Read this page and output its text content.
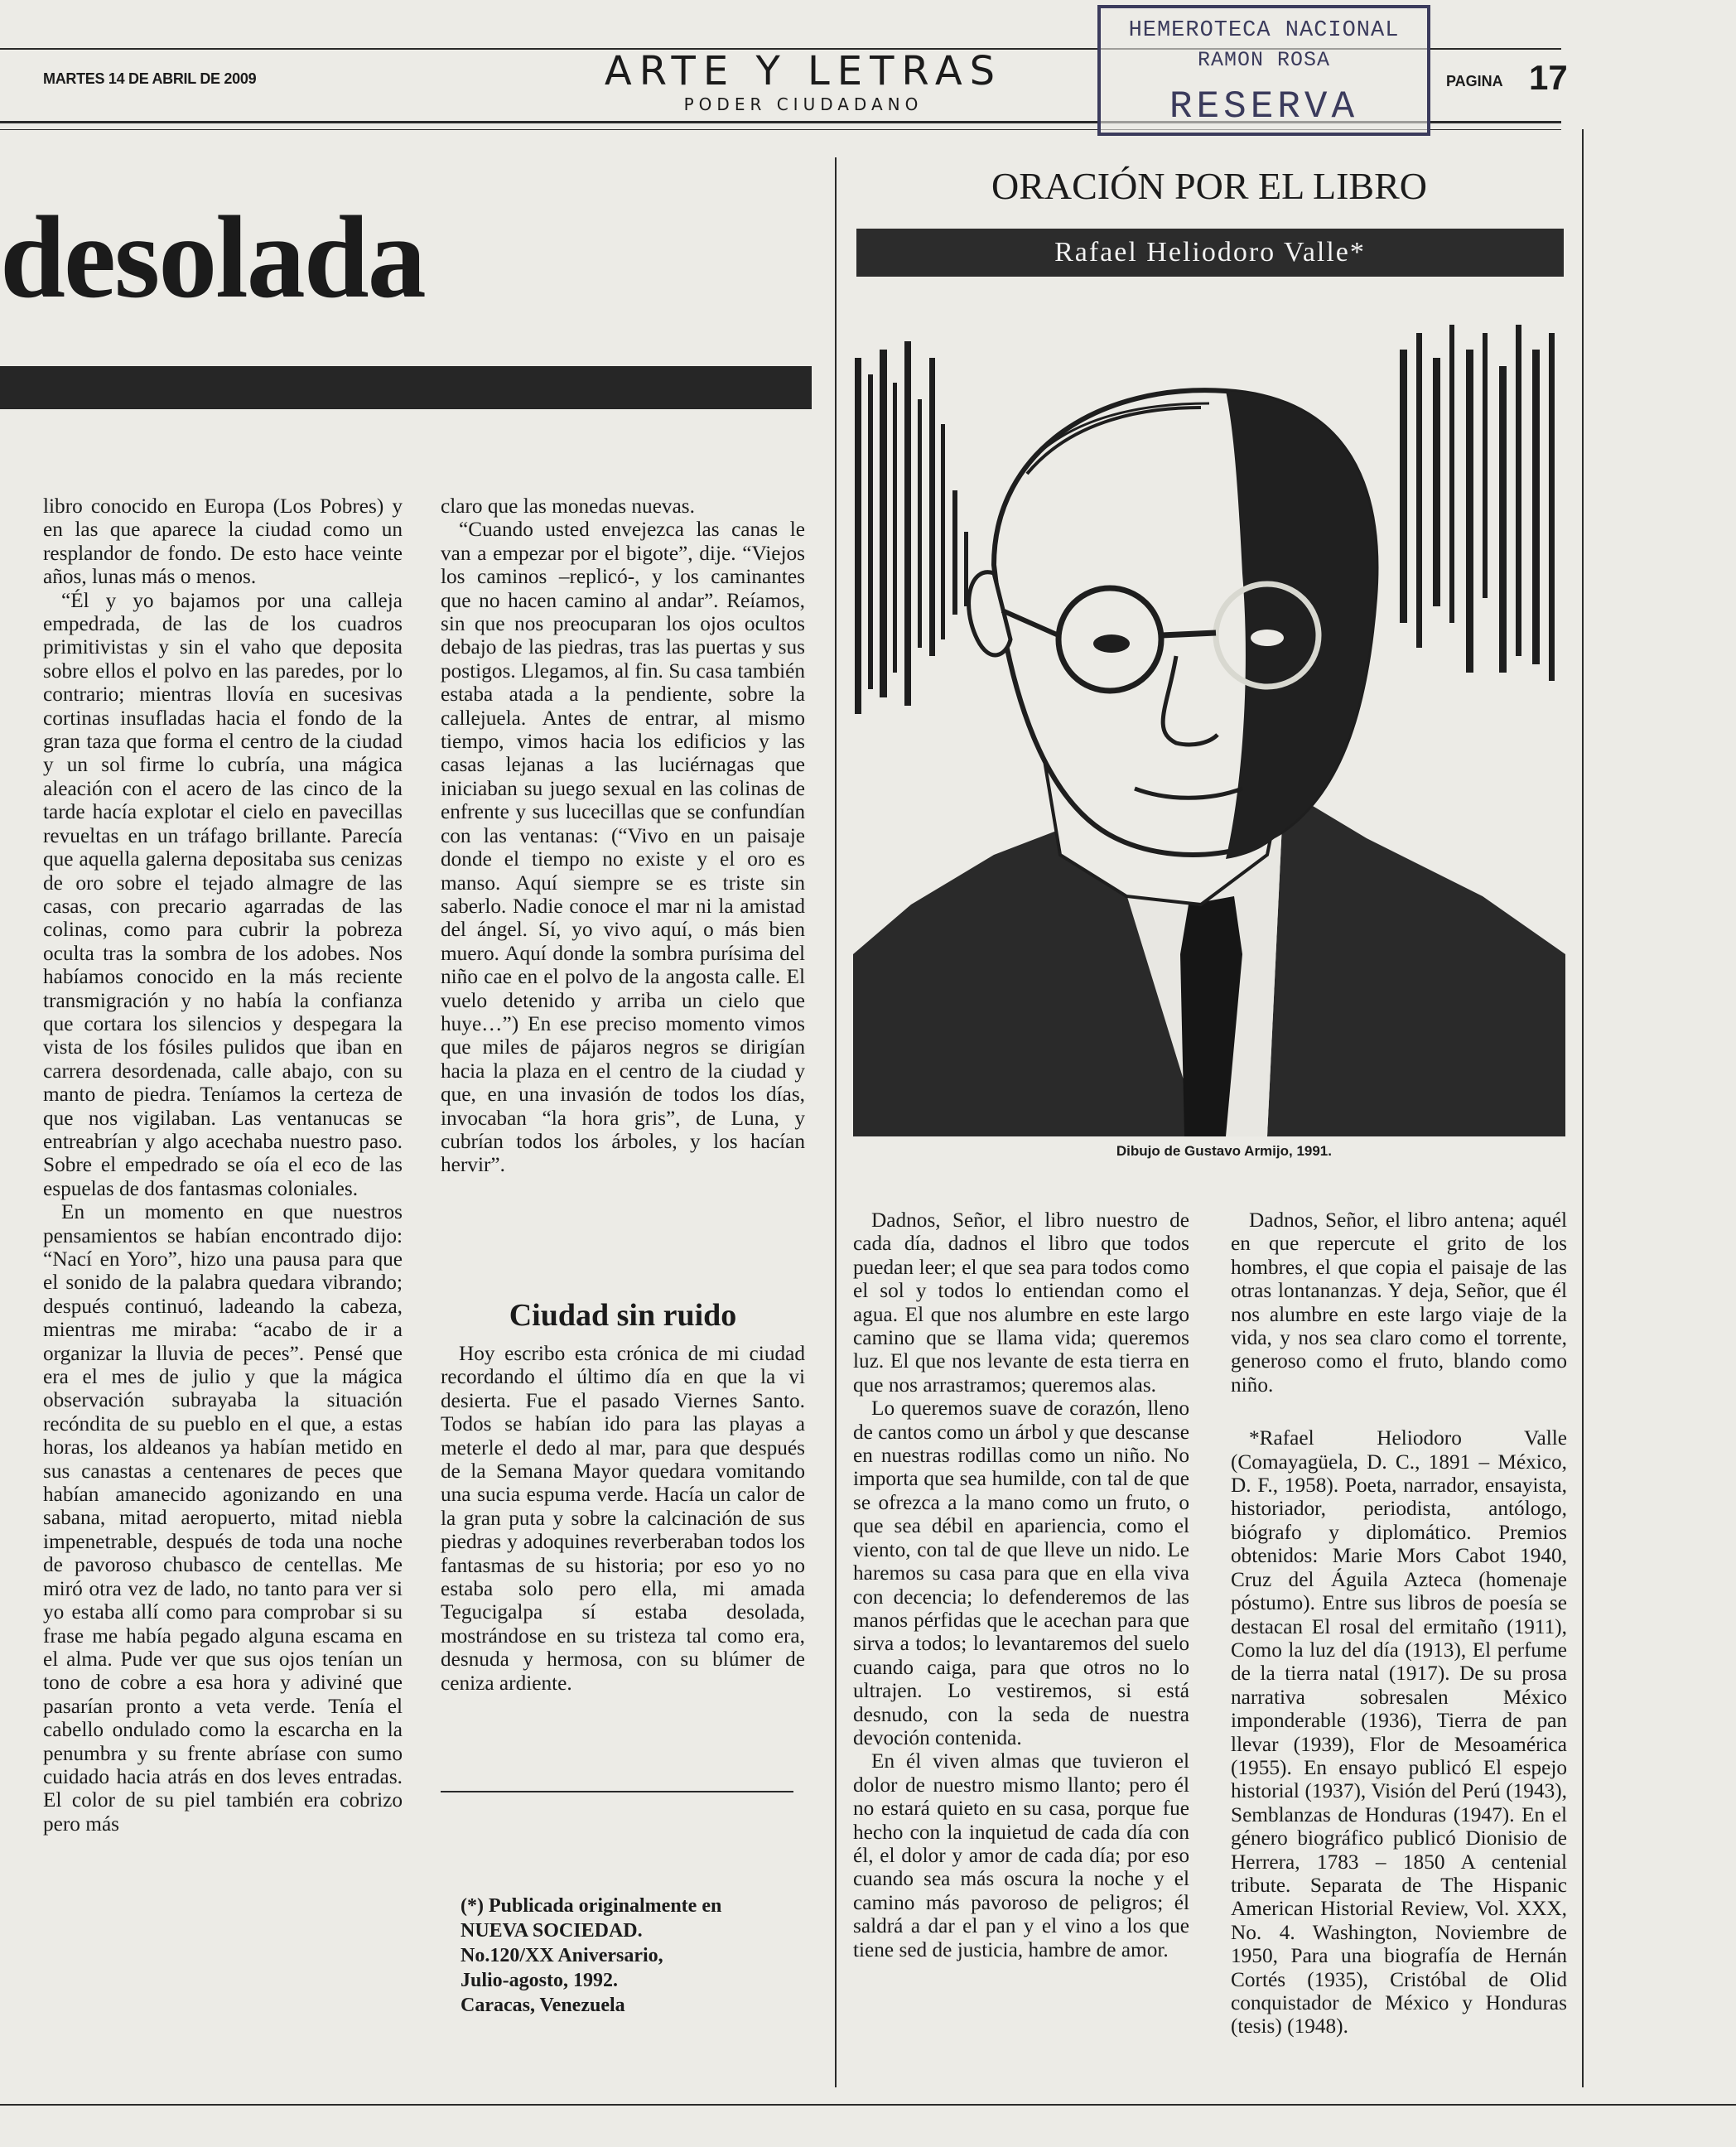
MARTES 14 DE ABRIL DE 2009	ARTE Y LETRAS
PODER CIUDADANO
PAGINA 17
HEMEROTECA NACIONAL
RAMON ROSA
RESERVA
desolada

libro conocido en Europa (Los Pobres) y en las que aparece la ciudad como un resplandor de fondo. De esto hace veinte años, lunas más o menos.

“Él y yo bajamos por una calleja empedrada, de las de los cuadros primitivistas y sin el vaho que deposita sobre ellos el polvo en las paredes, por lo contrario; mientras llovía en sucesivas cortinas insufladas hacia el fondo de la gran taza que forma el centro de la ciudad y un sol firme lo cubría, una mágica aleación con el acero de las cinco de la tarde hacía explotar el cielo en pavecillas revueltas en un tráfago brillante. Parecía que aquella galerna depositaba sus cenizas de oro sobre el tejado almagre de las casas, con precario agarradas de las colinas, como para cubrir la pobreza oculta tras la sombra de los adobes. Nos habíamos conocido en la más reciente transmigración y no había la confianza que cortara los silencios y despegara la vista de los fósiles pulidos que iban en carrera desordenada, calle abajo, con su manto de piedra. Teníamos la certeza de que nos vigilaban. Las ventanucas se entreabrían y algo acechaba nuestro paso. Sobre el empedrado se oía el eco de las espuelas de dos fantasmas coloniales.

En un momento en que nuestros pensamientos se habían encontrado dijo: “Nací en Yoro”, hizo una pausa para que el sonido de la palabra quedara vibrando; después continuó, ladeando la cabeza, mientras me miraba: “acabo de ir a organizar la lluvia de peces”. Pensé que era el mes de julio y que la mágica observación subrayaba la situación recóndita de su pueblo en el que, a estas horas, los aldeanos ya habían metido en sus canastas a centenares de peces que habían amanecido agonizando en una sabana, mitad aeropuerto, mitad niebla impenetrable, después de toda una noche de pavoroso chubasco de centellas. Me miró otra vez de lado, no tanto para ver si yo estaba allí como para comprobar si su frase me había pegado alguna escama en el alma. Pude ver que sus ojos tenían un tono de cobre a esa hora y adiviné que pasarían pronto a veta verde. Tenía el cabello ondulado como la escarcha en la penumbra y su frente abríase con sumo cuidado hacia atrás en dos leves entradas. El color de su piel también era cobrizo pero más

claro que las monedas nuevas.

“Cuando usted envejezca las canas le van a empezar por el bigote”, dije. “Viejos los caminos –replicó-, y los caminantes que no hacen camino al andar”. Reíamos, sin que nos preocuparan los ojos ocultos debajo de las piedras, tras las puertas y sus postigos. Llegamos, al fin. Su casa también estaba atada a la pendiente, sobre la callejuela. Antes de entrar, al mismo tiempo, vimos hacia los edificios y las casas lejanas a las luciérnagas que iniciaban su juego sexual en las colinas de enfrente y sus lucecillas que se confundían con las ventanas: (“Vivo en un paisaje donde el tiempo no existe y el oro es manso. Aquí siempre se es triste sin saberlo. Nadie conoce el mar ni la amistad del ángel. Sí, yo vivo aquí, o más bien muero. Aquí donde la sombra purísima del niño cae en el polvo de la angosta calle. El vuelo detenido y arriba un cielo que huye…”) En ese preciso momento vimos que miles de pájaros negros se dirigían hacia la plaza en el centro de la ciudad y que, en una invasión de todos los días, invocaban “la hora gris”, de Luna, y cubrían todos los árboles, y los hacían hervir”.

Ciudad sin ruido

Hoy escribo esta crónica de mi ciudad recordando el último día en que la vi desierta. Fue el pasado Viernes Santo. Todos se habían ido para las playas a meterle el dedo al mar, para que después de la Semana Mayor quedara vomitando una sucia espuma verde. Hacía un calor de la gran puta y sobre la calcinación de sus piedras y adoquines reverberaban todos los fantasmas de su historia; por eso yo no estaba solo pero ella, mi amada Tegucigalpa sí estaba desolada, mostrándose en su tristeza tal como era, desnuda y hermosa, con su blúmer de ceniza ardiente.

(*) Publicada originalmente en
NUEVA SOCIEDAD.
No.120/XX Aniversario,
Julio-agosto, 1992.
Caracas, Venezuela
ORACIÓN POR EL LIBRO
Rafael Heliodoro Valle*
Dibujo de Gustavo Armijo, 1991.

Dadnos, Señor, el libro nuestro de cada día, dadnos el libro que todos puedan leer; el que sea para todos como el sol y todos lo entiendan como el agua. El que nos alumbre en este largo camino que se llama vida; queremos luz. El que nos levante de esta tierra en que nos arrastramos; queremos alas.

Lo queremos suave de corazón, lleno de cantos como un árbol y que descanse en nuestras rodillas como un niño. No importa que sea humilde, con tal de que se ofrezca a la mano como un fruto, o que sea débil en apariencia, como el viento, con tal de que lleve un nido. Le haremos su casa para que en ella viva con decencia; lo defenderemos de las manos pérfidas que le acechan para que sirva a todos; lo levantaremos del suelo cuando caiga, para que otros no lo ultrajen. Lo vestiremos, si está desnudo, con la seda de nuestra devoción contenida.

En él viven almas que tuvieron el dolor de nuestro mismo llanto; pero él no estará quieto en su casa, porque fue hecho con la inquietud de cada día con él, el dolor y amor de cada día; por eso cuando sea más oscura la noche y el camino más pavoroso de peligros; él saldrá a dar el pan y el vino a los que tiene sed de justicia, hambre de amor.

Dadnos, Señor, el libro antena; aquél en que repercute el grito de los hombres, el que copia el paisaje de las otras lontananzas. Y deja, Señor, que él nos alumbre en este largo viaje de la vida, y nos sea claro como el torrente, generoso como el fruto, blando como niño.

*Rafael Heliodoro Valle (Comayagüela, D. C., 1891 – México, D. F., 1958). Poeta, narrador, ensayista, historiador, periodista, antólogo, biógrafo y diplomático. Premios obtenidos: Marie Mors Cabot 1940, Cruz del Águila Azteca (homenaje póstumo). Entre sus libros de poesía se destacan El rosal del ermitaño (1911), Como la luz del día (1913), El perfume de la tierra natal (1917). De su prosa narrativa sobresalen México imponderable (1936), Tierra de pan llevar (1939), Flor de Mesoamérica (1955). En ensayo publicó El espejo historial (1937), Visión del Perú (1943), Semblanzas de Honduras (1947). En el género biográfico publicó Dionisio de Herrera, 1783 – 1850 A centenial tribute. Separata de The Hispanic American Historial Review, Vol. XXX, No. 4. Washington, Noviembre de 1950, Para una biografía de Hernán Cortés (1935), Cristóbal de Olid conquistador de México y Honduras (tesis) (1948).
